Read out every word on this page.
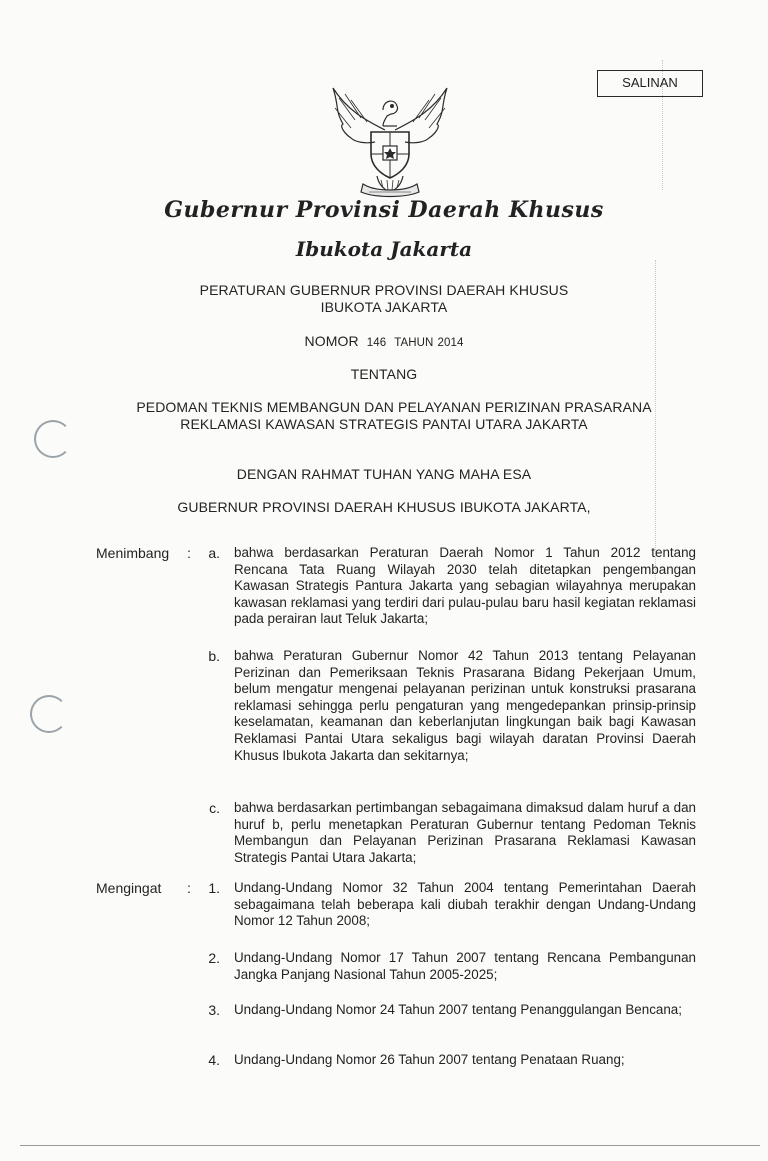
SALINAN
Gubernur Provinsi Daerah Khusus
Ibukota Jakarta
PERATURAN GUBERNUR PROVINSI DAERAH KHUSUS
IBUKOTA JAKARTA
NOMOR 146 TAHUN 2014
TENTANG
PEDOMAN TEKNIS MEMBANGUN DAN PELAYANAN PERIZINAN PRASARANA
REKLAMASI KAWASAN STRATEGIS PANTAI UTARA JAKARTA
DENGAN RAHMAT TUHAN YANG MAHA ESA
GUBERNUR PROVINSI DAERAH KHUSUS IBUKOTA JAKARTA,
Menimbang :	a. bahwa berdasarkan Peraturan Daerah Nomor 1 Tahun 2012 tentang Rencana Tata Ruang Wilayah 2030 telah ditetapkan pengembangan Kawasan Strategis Pantura Jakarta yang sebagian wilayahnya merupakan kawasan reklamasi yang terdiri dari pulau-pulau baru hasil kegiatan reklamasi pada perairan laut Teluk Jakarta;
b. bahwa Peraturan Gubernur Nomor 42 Tahun 2013 tentang Pelayanan Perizinan dan Pemeriksaan Teknis Prasarana Bidang Pekerjaan Umum, belum mengatur mengenai pelayanan perizinan untuk konstruksi prasarana reklamasi sehingga perlu pengaturan yang mengedepankan prinsip-prinsip keselamatan, keamanan dan keberlanjutan lingkungan baik bagi Kawasan Reklamasi Pantai Utara sekaligus bagi wilayah daratan Provinsi Daerah Khusus Ibukota Jakarta dan sekitarnya;
c. bahwa berdasarkan pertimbangan sebagaimana dimaksud dalam huruf a dan huruf b, perlu menetapkan Peraturan Gubernur tentang Pedoman Teknis Membangun dan Pelayanan Perizinan Prasarana Reklamasi Kawasan Strategis Pantai Utara Jakarta;
Mengingat :	1. Undang-Undang Nomor 32 Tahun 2004 tentang Pemerintahan Daerah sebagaimana telah beberapa kali diubah terakhir dengan Undang-Undang Nomor 12 Tahun 2008;
2. Undang-Undang Nomor 17 Tahun 2007 tentang Rencana Pembangunan Jangka Panjang Nasional Tahun 2005-2025;
3. Undang-Undang Nomor 24 Tahun 2007 tentang Penanggulangan Bencana;
4. Undang-Undang Nomor 26 Tahun 2007 tentang Penataan Ruang;
